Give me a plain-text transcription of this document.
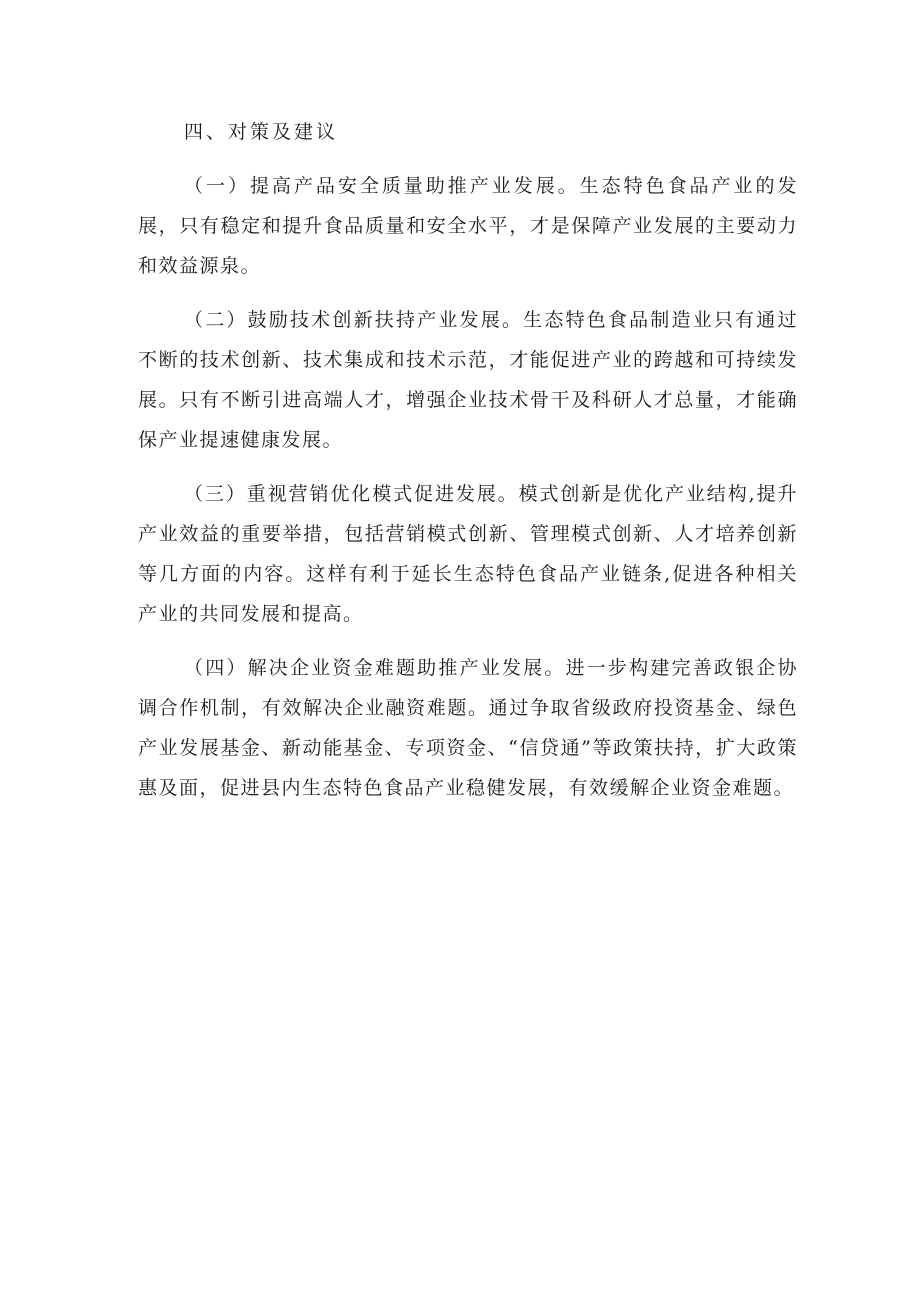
四、对策及建议

（一）提高产品安全质量助推产业发展。生态特色食品产业的发展，只有稳定和提升食品质量和安全水平，才是保障产业发展的主要动力和效益源泉。

（二）鼓励技术创新扶持产业发展。生态特色食品制造业只有通过不断的技术创新、技术集成和技术示范，才能促进产业的跨越和可持续发展。只有不断引进高端人才，增强企业技术骨干及科研人才总量，才能确保产业提速健康发展。

（三）重视营销优化模式促进发展。模式创新是优化产业结构,提升产业效益的重要举措，包括营销模式创新、管理模式创新、人才培养创新等几方面的内容。这样有利于延长生态特色食品产业链条,促进各种相关产业的共同发展和提高。

（四）解决企业资金难题助推产业发展。进一步构建完善政银企协调合作机制，有效解决企业融资难题。通过争取省级政府投资基金、绿色产业发展基金、新动能基金、专项资金、“信贷通”等政策扶持，扩大政策惠及面，促进县内生态特色食品产业稳健发展，有效缓解企业资金难题。
